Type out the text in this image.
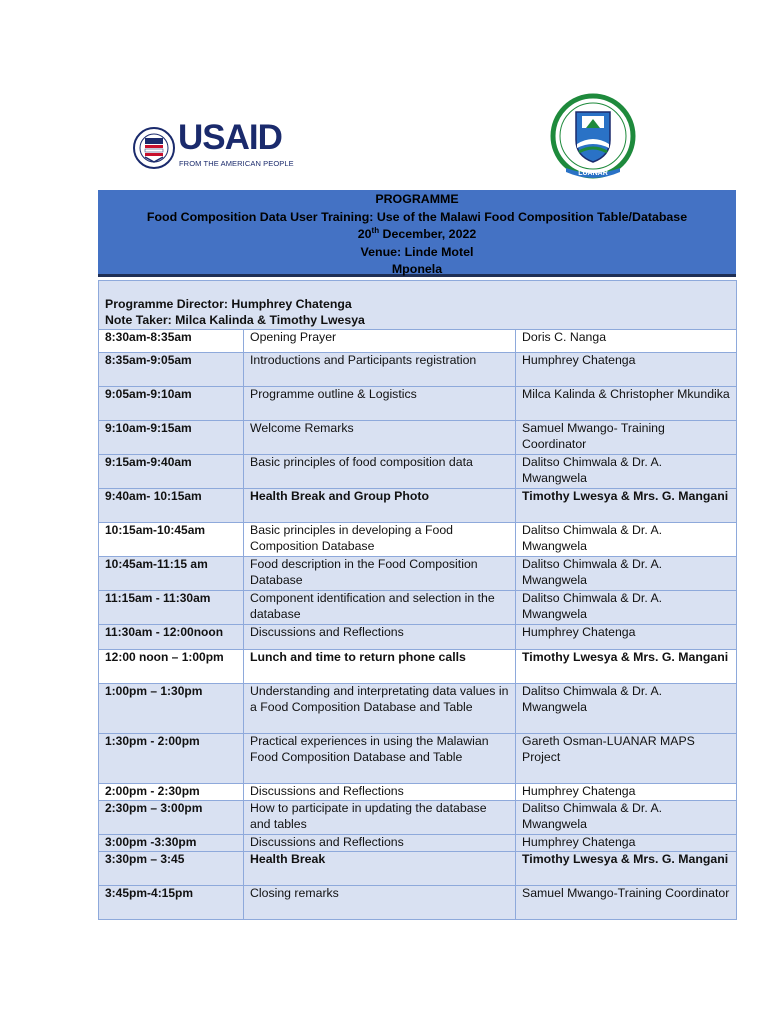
USAID
FROM THE AMERICAN PEOPLE
LUANAR
PROGRAMME
Food Composition Data User Training: Use of the Malawi Food Composition Table/Database
20th December, 2022
Venue: Linde Motel
Mponela
Programme Director: Humphrey Chatenga
Note Taker: Milca Kalinda & Timothy Lwesya		

8:30am-8:35am	Opening Prayer	Doris C. Nanga
8:35am-9:05am	Introductions and Participants registration	Humphrey Chatenga
9:05am-9:10am	Programme outline & Logistics	Milca Kalinda & Christopher Mkundika
9:10am-9:15am	Welcome Remarks	Samuel Mwango- Training Coordinator
9:15am-9:40am	Basic principles of food composition data	Dalitso Chimwala & Dr. A. Mwangwela
9:40am- 10:15am	Health Break and Group Photo	Timothy Lwesya & Mrs. G. Mangani
10:15am-10:45am	Basic principles in developing a Food Composition Database	Dalitso Chimwala & Dr. A. Mwangwela
10:45am-11:15 am	Food description in the Food Composition Database	Dalitso Chimwala & Dr. A. Mwangwela
11:15am - 11:30am	Component identification and selection in the database	Dalitso Chimwala & Dr. A. Mwangwela
11:30am - 12:00noon	Discussions and Reflections	Humphrey Chatenga
12:00 noon – 1:00pm	Lunch and time to return phone calls	Timothy Lwesya & Mrs. G. Mangani
1:00pm – 1:30pm	Understanding and interpretating data values in a Food Composition Database and Table	Dalitso Chimwala & Dr. A. Mwangwela
1:30pm - 2:00pm	Practical experiences in using the Malawian Food Composition Database and Table	Gareth Osman-LUANAR MAPS Project
2:00pm - 2:30pm	Discussions and Reflections	Humphrey Chatenga
2:30pm – 3:00pm	How to participate in updating the database and tables	Dalitso Chimwala & Dr. A. Mwangwela
3:00pm -3:30pm	Discussions and Reflections	Humphrey Chatenga
3:30pm – 3:45	Health Break	Timothy Lwesya & Mrs. G. Mangani
3:45pm-4:15pm	Closing remarks	Samuel Mwango-Training Coordinator
